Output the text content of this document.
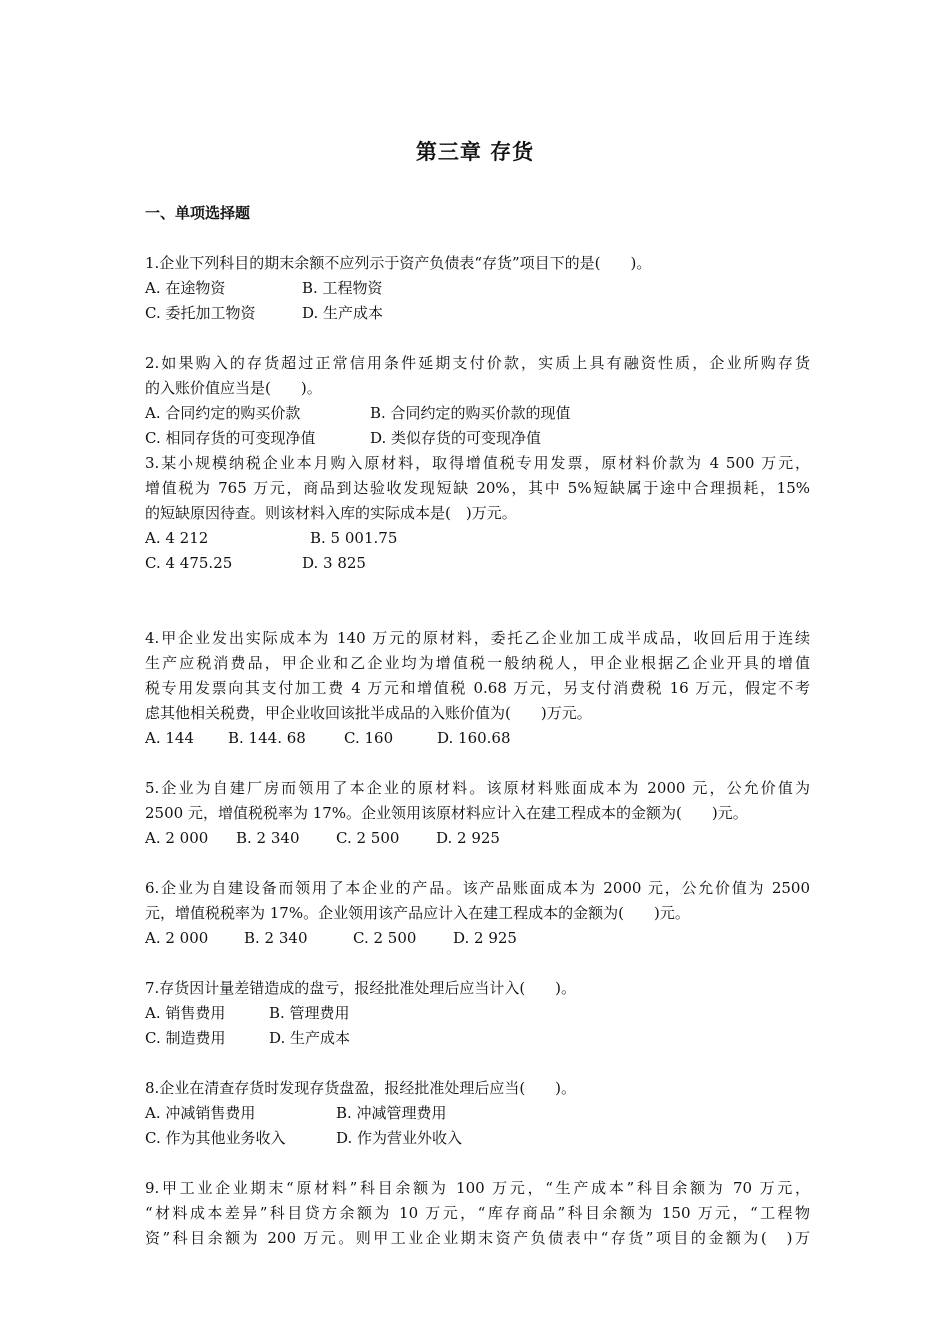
第三章 存货
一、单项选择题
1.企业下列科目的期末余额不应列示于资产负债表“存货”项目下的是(　　)。
A. 在途物资	B. 工程物资
C. 委托加工物资	D. 生产成本
2.如果购入的存货超过正常信用条件延期支付价款，实质上具有融资性质，企业所购存货
的入账价值应当是(　　)。
A. 合同约定的购买价款	B. 合同约定的购买价款的现值
C. 相同存货的可变现净值	D. 类似存货的可变现净值
3.某小规模纳税企业本月购入原材料，取得增值税专用发票，原材料价款为 4 500 万元，
增值税为 765 万元，商品到达验收发现短缺 20%，其中 5%短缺属于途中合理损耗，15%
的短缺原因待查。则该材料入库的实际成本是(　)万元。
A. 4 212	B. 5 001.75
C. 4 475.25	D. 3 825
4.甲企业发出实际成本为 140 万元的原材料，委托乙企业加工成半成品，收回后用于连续
生产应税消费品，甲企业和乙企业均为增值税一般纳税人，甲企业根据乙企业开具的增值
税专用发票向其支付加工费 4 万元和增值税 0.68 万元，另支付消费税 16 万元，假定不考
虑其他相关税费，甲企业收回该批半成品的入账价值为(　　)万元。
A. 144 B. 144. 68	C. 160	D. 160.68
5.企业为自建厂房而领用了本企业的原材料。该原材料账面成本为 2000 元，公允价值为
2500 元，增值税税率为 17%。企业领用该原材料应计入在建工程成本的金额为(　　)元。
A. 2 000 B. 2 340 C. 2 500 D. 2 925
6.企业为自建设备而领用了本企业的产品。该产品账面成本为 2000 元，公允价值为 2500
元，增值税税率为 17%。企业领用该产品应计入在建工程成本的金额为(　　)元。
A. 2 000 B. 2 340	C. 2 500 D. 2 925
7.存货因计量差错造成的盘亏，报经批准处理后应当计入(　　)。
A. 销售费用	B. 管理费用
C. 制造费用	D. 生产成本
8.企业在清查存货时发现存货盘盈，报经批准处理后应当(　　)。
A. 冲减销售费用	B. 冲减管理费用
C. 作为其他业务收入	D. 作为营业外收入
9.甲工业企业期末“原材料”科目余额为 100 万元，“生产成本”科目余额为 70 万元，
“材料成本差异”科目贷方余额为 10 万元，“库存商品”科目余额为 150 万元，“工程物
资”科目余额为 200 万元。则甲工业企业期末资产负债表中“存货”项目的金额为(　)万
